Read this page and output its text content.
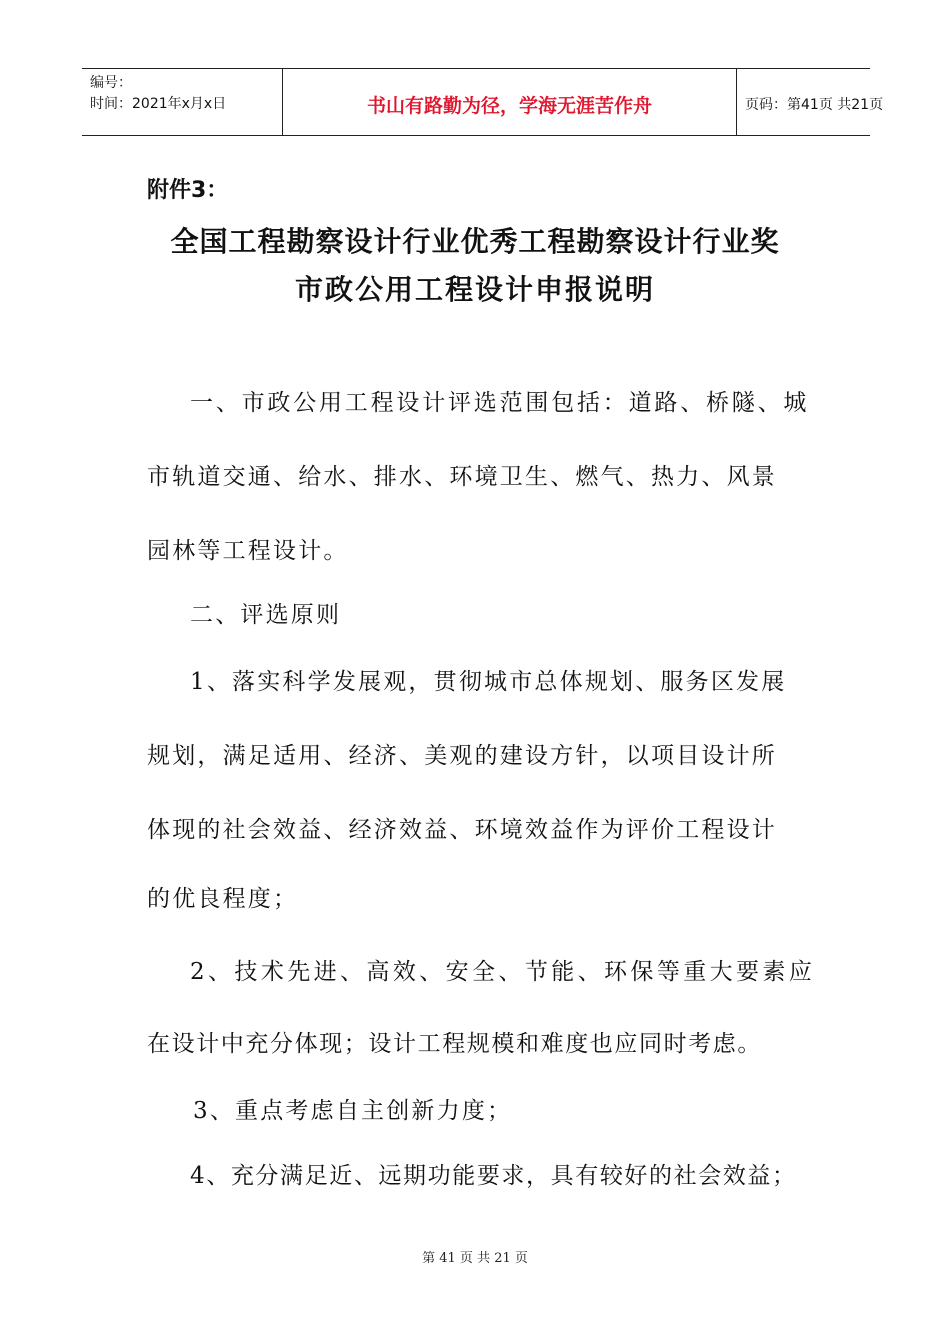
编号：
时间：2021年x月x日	书山有路勤为径，学海无涯苦作舟	页码：第41页 共21页
附件3：
全国工程勘察设计行业优秀工程勘察设计行业奖
市政公用工程设计申报说明
一、市政公用工程设计评选范围包括：道路、桥隧、城
市轨道交通、给水、排水、环境卫生、燃气、热力、风景
园林等工程设计。
二、评选原则
1、落实科学发展观，贯彻城市总体规划、服务区发展
规划，满足适用、经济、美观的建设方针，以项目设计所
体现的社会效益、经济效益、环境效益作为评价工程设计
的优良程度；
2、技术先进、高效、安全、节能、环保等重大要素应
在设计中充分体现；设计工程规模和难度也应同时考虑。
3、重点考虑自主创新力度；
4、充分满足近、远期功能要求，具有较好的社会效益；
第 41 页 共 21 页
